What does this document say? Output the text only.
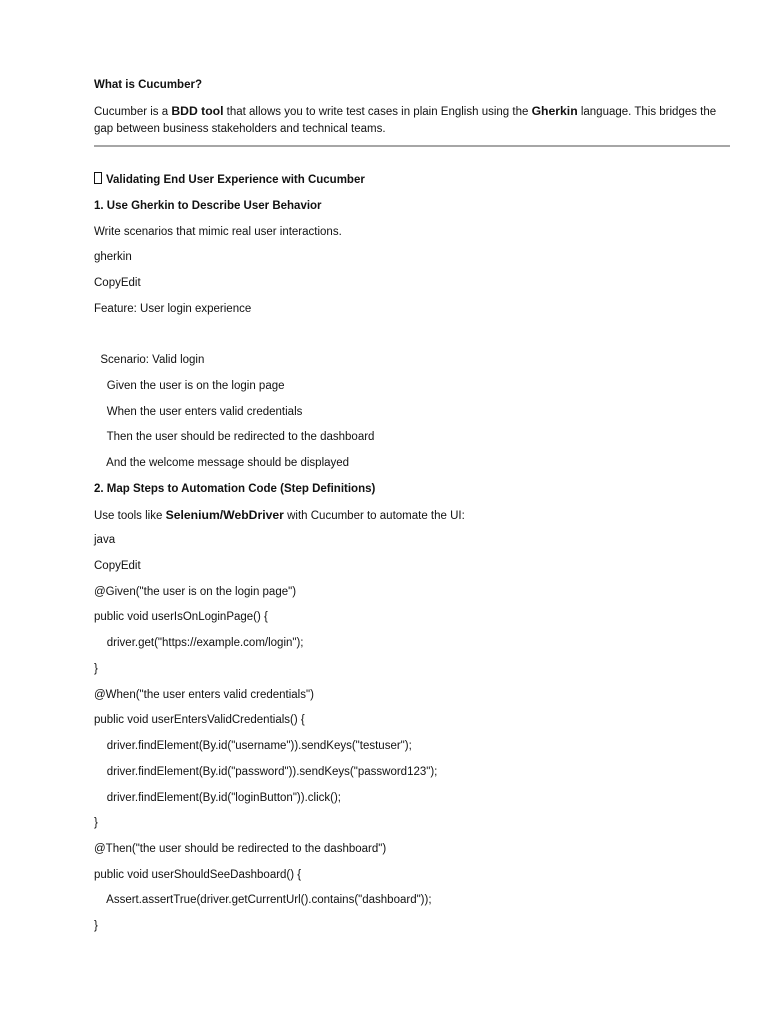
What is Cucumber?
Cucumber is a BDD tool that allows you to write test cases in plain English using the Gherkin language. This bridges the gap between business stakeholders and technical teams.
Validating End User Experience with Cucumber
1. Use Gherkin to Describe User Behavior
Write scenarios that mimic real user interactions.
gherkin
CopyEdit
Feature: User login experience
Scenario: Valid login
Given the user is on the login page
When the user enters valid credentials
Then the user should be redirected to the dashboard
And the welcome message should be displayed
2. Map Steps to Automation Code (Step Definitions)
Use tools like Selenium/WebDriver with Cucumber to automate the UI:
java
CopyEdit
@Given("the user is on the login page")
public void userIsOnLoginPage() {
driver.get("https://example.com/login");
}
@When("the user enters valid credentials")
public void userEntersValidCredentials() {
driver.findElement(By.id("username")).sendKeys("testuser");
driver.findElement(By.id("password")).sendKeys("password123");
driver.findElement(By.id("loginButton")).click();
}
@Then("the user should be redirected to the dashboard")
public void userShouldSeeDashboard() {
Assert.assertTrue(driver.getCurrentUrl().contains("dashboard"));
}
